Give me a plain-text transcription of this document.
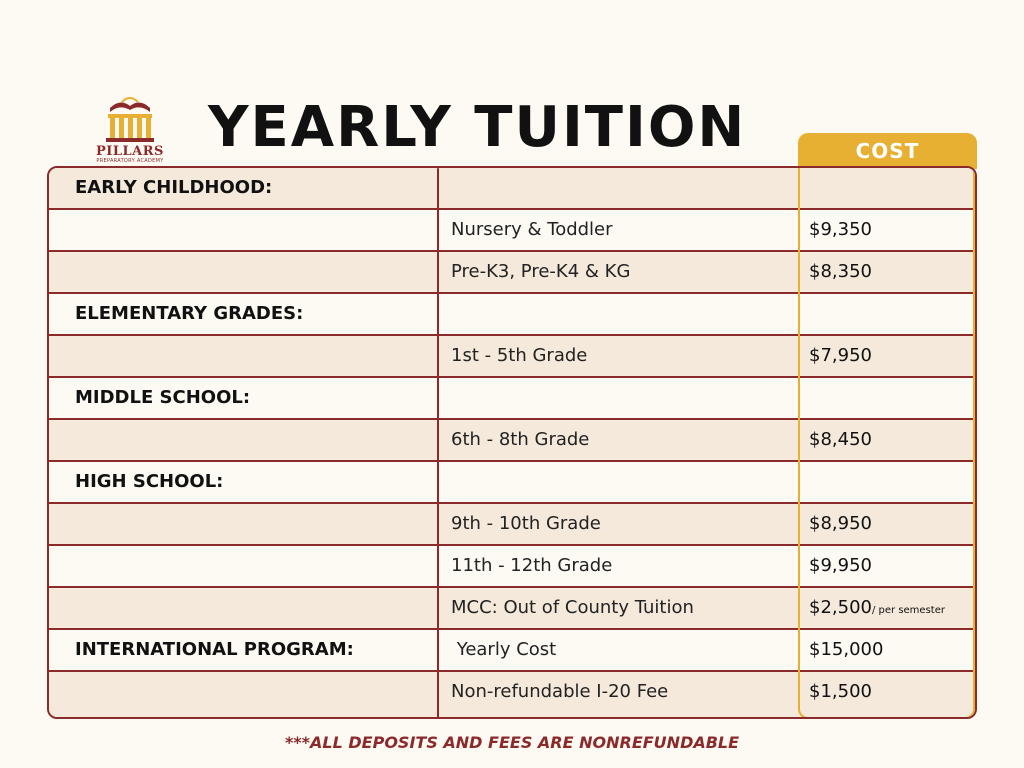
PILLARS
PREPARATORY ACADEMY
YEARLY TUITION	COST
EARLY CHILDHOOD:
Nursery & Toddler	$9,350
Pre-K3, Pre-K4 & KG	$8,350
ELEMENTARY GRADES:
1st - 5th Grade	$7,950
MIDDLE SCHOOL:
6th - 8th Grade	$8,450
HIGH SCHOOL:
9th - 10th Grade	$8,950
11th - 12th Grade	$9,950
MCC: Out of County Tuition	$2,500/ per semester
INTERNATIONAL PROGRAM:	Yearly Cost	$15,000
Non-refundable I-20 Fee	$1,500
***ALL DEPOSITS AND FEES ARE NONREFUNDABLE
